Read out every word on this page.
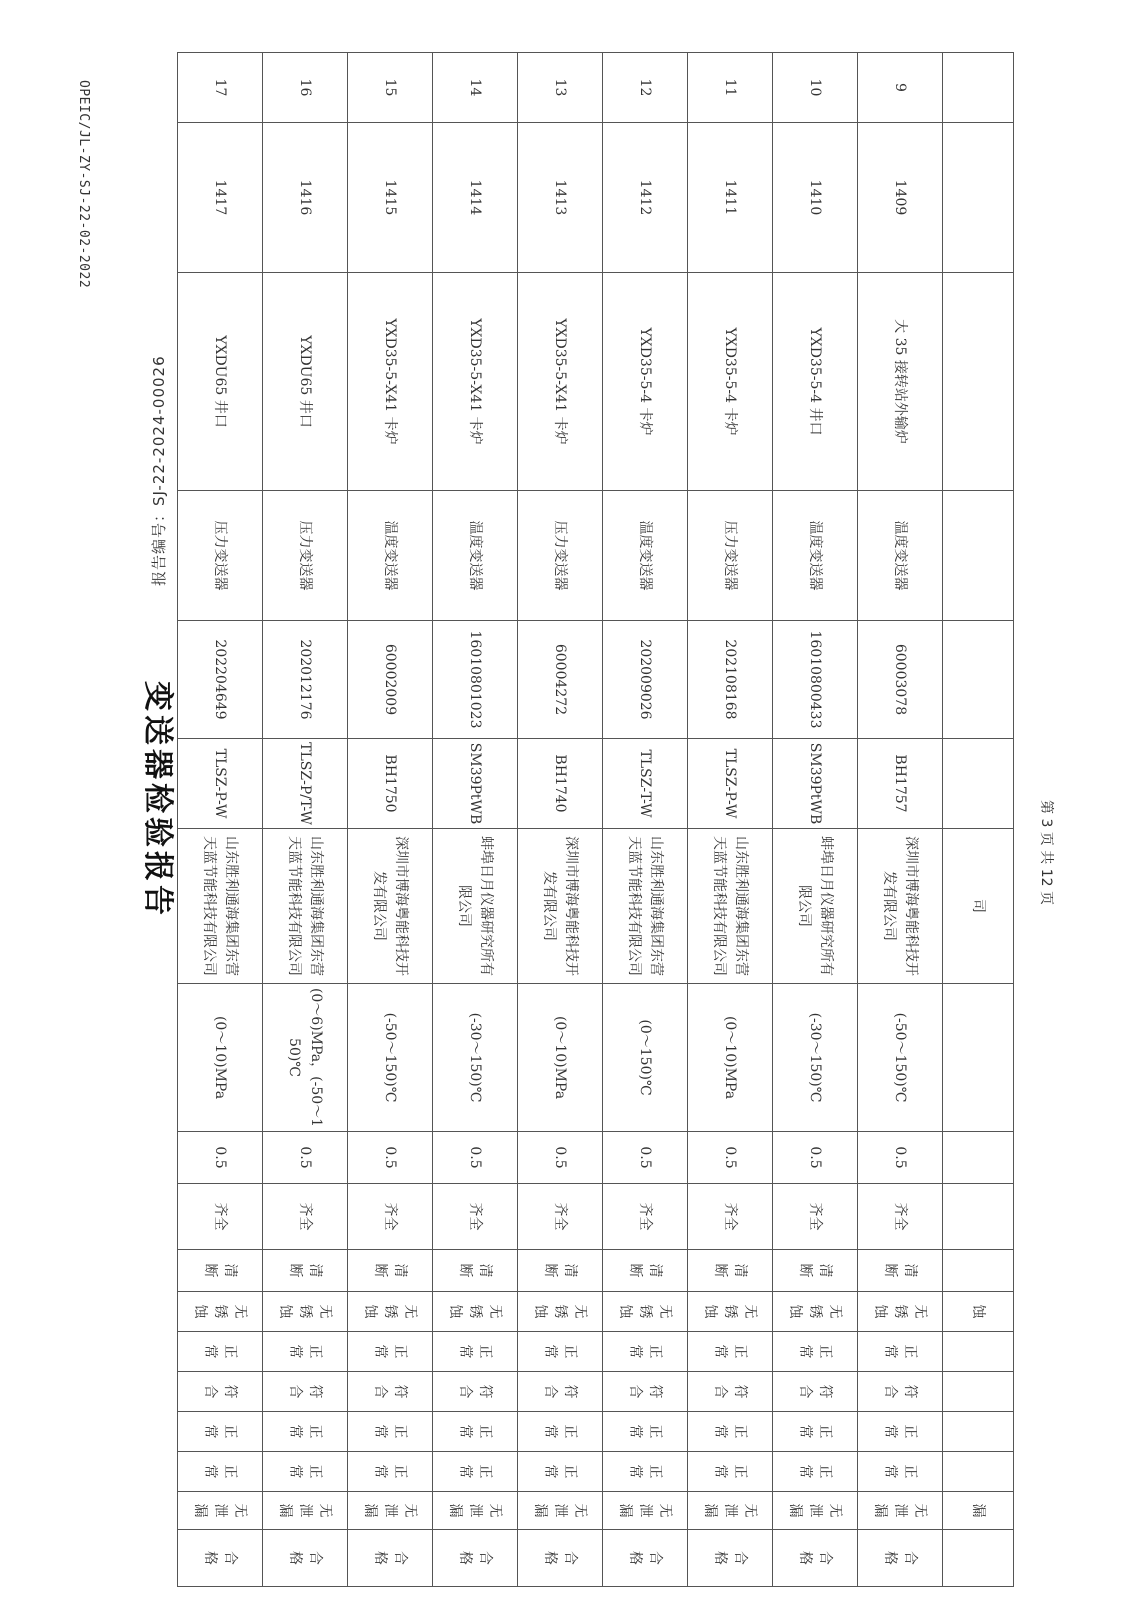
OPEIC/JL-ZY-SJ-22-02-2022
变送器检验报告
							司					蚀					漏	
9	1409	大 35 接转站外输炉	温度变送器	60003078	BH1757	深圳市博海粤能科技开发有限公司	(-50～150)℃	0.5	齐全	清断	无锈蚀	正常	符合	正常	正常	无泄漏	合格
10	1410	YXD35-5-4 井口	温度变送器	16010800433	SM39PtWB	蚌埠日月仪器研究所有限公司	(-30～150)℃	0.5	齐全	清断	无锈蚀	正常	符合	正常	正常	无泄漏	合格
11	1411	YXD35-5-4 卡炉	压力变送器	202108168	TLSZ-P-W	山东胜利通海集团东营天蓝节能科技有限公司	(0～10)MPa	0.5	齐全	清断	无锈蚀	正常	符合	正常	正常	无泄漏	合格
12	1412	YXD35-5-4 卡炉	温度变送器	202009026	TLSZ-T-W	山东胜利通海集团东营天蓝节能科技有限公司	(0～150)℃	0.5	齐全	清断	无锈蚀	正常	符合	正常	正常	无泄漏	合格
13	1413	YXD35-5-X41 卡炉	压力变送器	60004272	BH1740	深圳市博海粤能科技开发有限公司	(0～10)MPa	0.5	齐全	清断	无锈蚀	正常	符合	正常	正常	无泄漏	合格
14	1414	YXD35-5-X41 卡炉	温度变送器	16010801023	SM39PtWB	蚌埠日月仪器研究所有限公司	(-30～150)℃	0.5	齐全	清断	无锈蚀	正常	符合	正常	正常	无泄漏	合格
15	1415	YXD35-5-X41 卡炉	温度变送器	60002009	BH1750	深圳市博海粤能科技开发有限公司	(-50～150)℃	0.5	齐全	清断	无锈蚀	正常	符合	正常	正常	无泄漏	合格
16	1416	YXDU65 井口	压力变送器	202012176	TLSZ-P/T-W	山东胜利通海集团东营天蓝节能科技有限公司	(0～6)MPa，(-50～150)℃	0.5	齐全	清断	无锈蚀	正常	符合	正常	正常	无泄漏	合格
17	1417	YXDU65 井口	压力变送器	202204649	TLSZ-P-W	山东胜利通海集团东营天蓝节能科技有限公司	(0～10)MPa	0.5	齐全	清断	无锈蚀	正常	符合	正常	正常	无泄漏	合格
报告编号：SJ-22-2024-00026
第 3 页 共 12 页
